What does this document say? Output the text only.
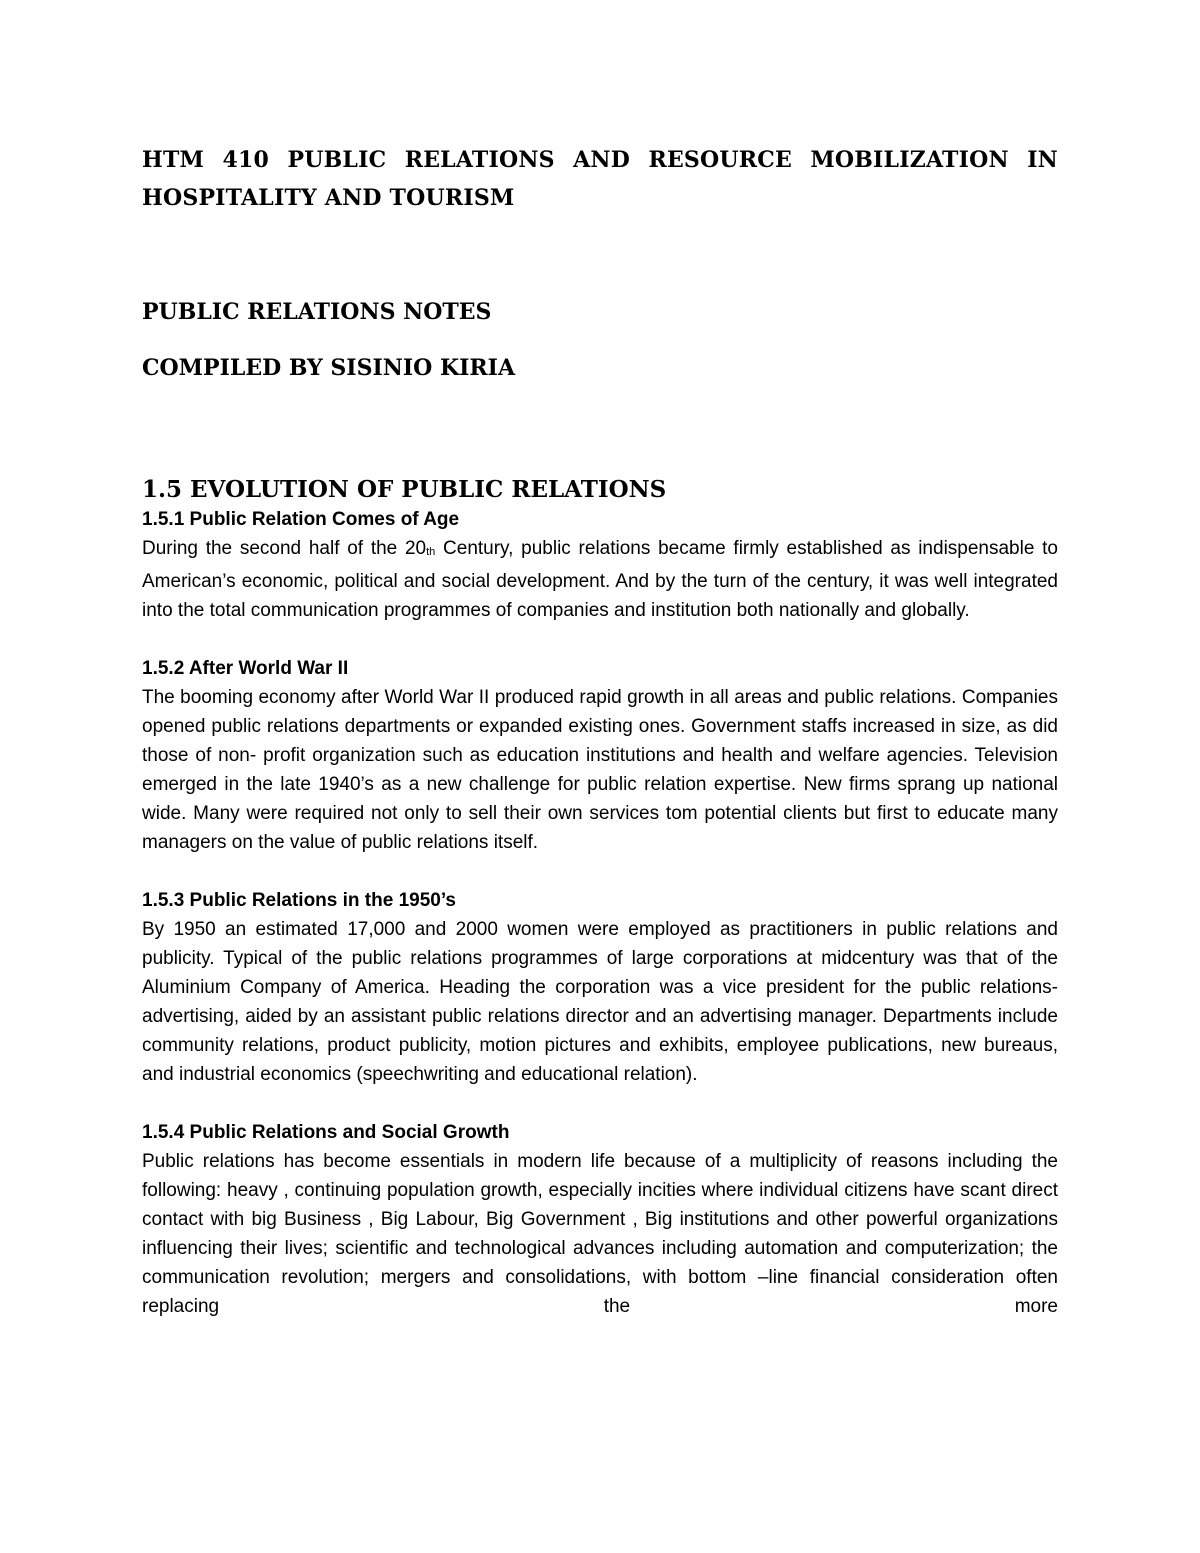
HTM 410 PUBLIC RELATIONS AND RESOURCE MOBILIZATION IN HOSPITALITY AND TOURISM

PUBLIC RELATIONS NOTES

COMPILED BY SISINIO KIRIA

1.5 EVOLUTION OF PUBLIC RELATIONS

1.5.1 Public Relation Comes of Age

During the second half of the 20th Century, public relations became firmly established as indispensable to American’s economic, political and social development. And by the turn of the century, it was well integrated into the total communication programmes of companies and institution both nationally and globally.

1.5.2 After World War II

The booming economy after World War II produced rapid growth in all areas and public relations. Companies opened public relations departments or expanded existing ones. Government staffs increased in size, as did those of non- profit organization such as education institutions and health and welfare agencies. Television emerged in the late 1940’s as a new challenge for public relation expertise. New firms sprang up national wide. Many were required not only to sell their own services tom potential clients but first to educate many managers on the value of public relations itself.

1.5.3 Public Relations in the 1950’s

By 1950 an estimated 17,000 and 2000 women were employed as practitioners in public relations and publicity. Typical of the public relations programmes of large corporations at midcentury was that of the Aluminium Company of America. Heading the corporation was a vice president for the public relations- advertising, aided by an assistant public relations director and an advertising manager. Departments include community relations, product publicity, motion pictures and exhibits, employee publications, new bureaus, and industrial economics (speechwriting and educational relation).

1.5.4 Public Relations and Social Growth

Public relations has become essentials in modern life because of a multiplicity of reasons including the following: heavy , continuing population growth, especially incities where individual citizens have scant direct contact with big Business , Big Labour, Big Government , Big institutions and other powerful organizations influencing their lives; scientific and technological advances including automation and computerization; the communication revolution; mergers and consolidations, with bottom –line financial consideration often replacing the more
